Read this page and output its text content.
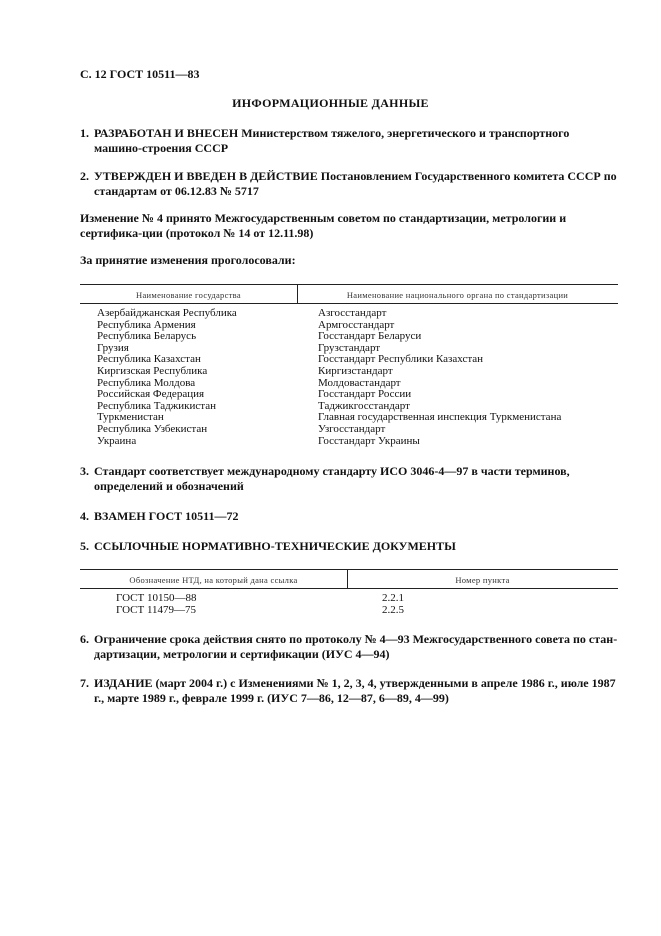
С. 12 ГОСТ 10511—83
ИНФОРМАЦИОННЫЕ ДАННЫЕ
1. РАЗРАБОТАН И ВНЕСЕН Министерством тяжелого, энергетического и транспортного машино-строения СССР
2. УТВЕРЖДЕН И ВВЕДЕН В ДЕЙСТВИЕ Постановлением Государственного комитета СССР по стандартам от 06.12.83 № 5717
Изменение № 4 принято Межгосударственным советом по стандартизации, метрологии и сертифика-ции (протокол № 14 от 12.11.98)
За принятие изменения проголосовали:
Наименование государства	Наименование национального органа по стандартизации
Азербайджанская Республика
Республика Армения
Республика Беларусь
Грузия
Республика Казахстан
Киргизская Республика
Республика Молдова
Российская Федерация
Республика Таджикистан
Туркменистан
Республика Узбекистан
Украина
Азгосстандарт
Армгосстандарт
Госстандарт Беларуси
Грузстандарт
Госстандарт Республики Казахстан
Киргизстандарт
Молдовастандарт
Госстандарт России
Таджикгосстандарт
Главная государственная инспекция Туркменистана
Узгосстандарт
Госстандарт Украины
3. Стандарт соответствует международному стандарту ИСО 3046-4—97 в части терминов, определений и обозначений
4. ВЗАМЕН ГОСТ 10511—72
5. ССЫЛОЧНЫЕ НОРМАТИВНО-ТЕХНИЧЕСКИЕ ДОКУМЕНТЫ
Обозначение НТД, на который дана ссылка	Номер пункта
ГОСТ 10150—88
ГОСТ 11479—75
2.2.1
2.2.5
6. Ограничение срока действия снято по протоколу № 4—93 Межгосударственного совета по стан-дартизации, метрологии и сертификации (ИУС 4—94)
7. ИЗДАНИЕ (март 2004 г.) с Изменениями № 1, 2, 3, 4, утвержденными в апреле 1986 г., июле 1987 г., марте 1989 г., феврале 1999 г. (ИУС 7—86, 12—87, 6—89, 4—99)
